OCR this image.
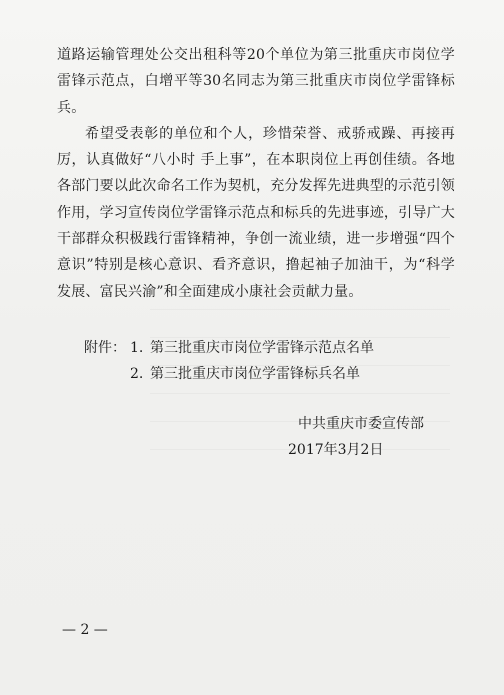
道路运输管理处公交出租科等20个单位为第三批重庆市岗位学雷锋示范点，白增平等30名同志为第三批重庆市岗位学雷锋标兵。

希望受表彰的单位和个人，珍惜荣誉、戒骄戒躁、再接再厉，认真做好“八小时 手上事”，在本职岗位上再创佳绩。各地各部门要以此次命名工作为契机，充分发挥先进典型的示范引领作用，学习宣传岗位学雷锋示范点和标兵的先进事迹，引导广大干部群众积极践行雷锋精神，争创一流业绩，进一步增强“四个意识”特别是核心意识、看齐意识，撸起袖子加油干，为“科学发展、富民兴渝”和全面建成小康社会贡献力量。

附件： 1. 第三批重庆市岗位学雷锋示范点名单
2. 第三批重庆市岗位学雷锋标兵名单
中共重庆市委宣传部
2017年3月2日
— 2 —
